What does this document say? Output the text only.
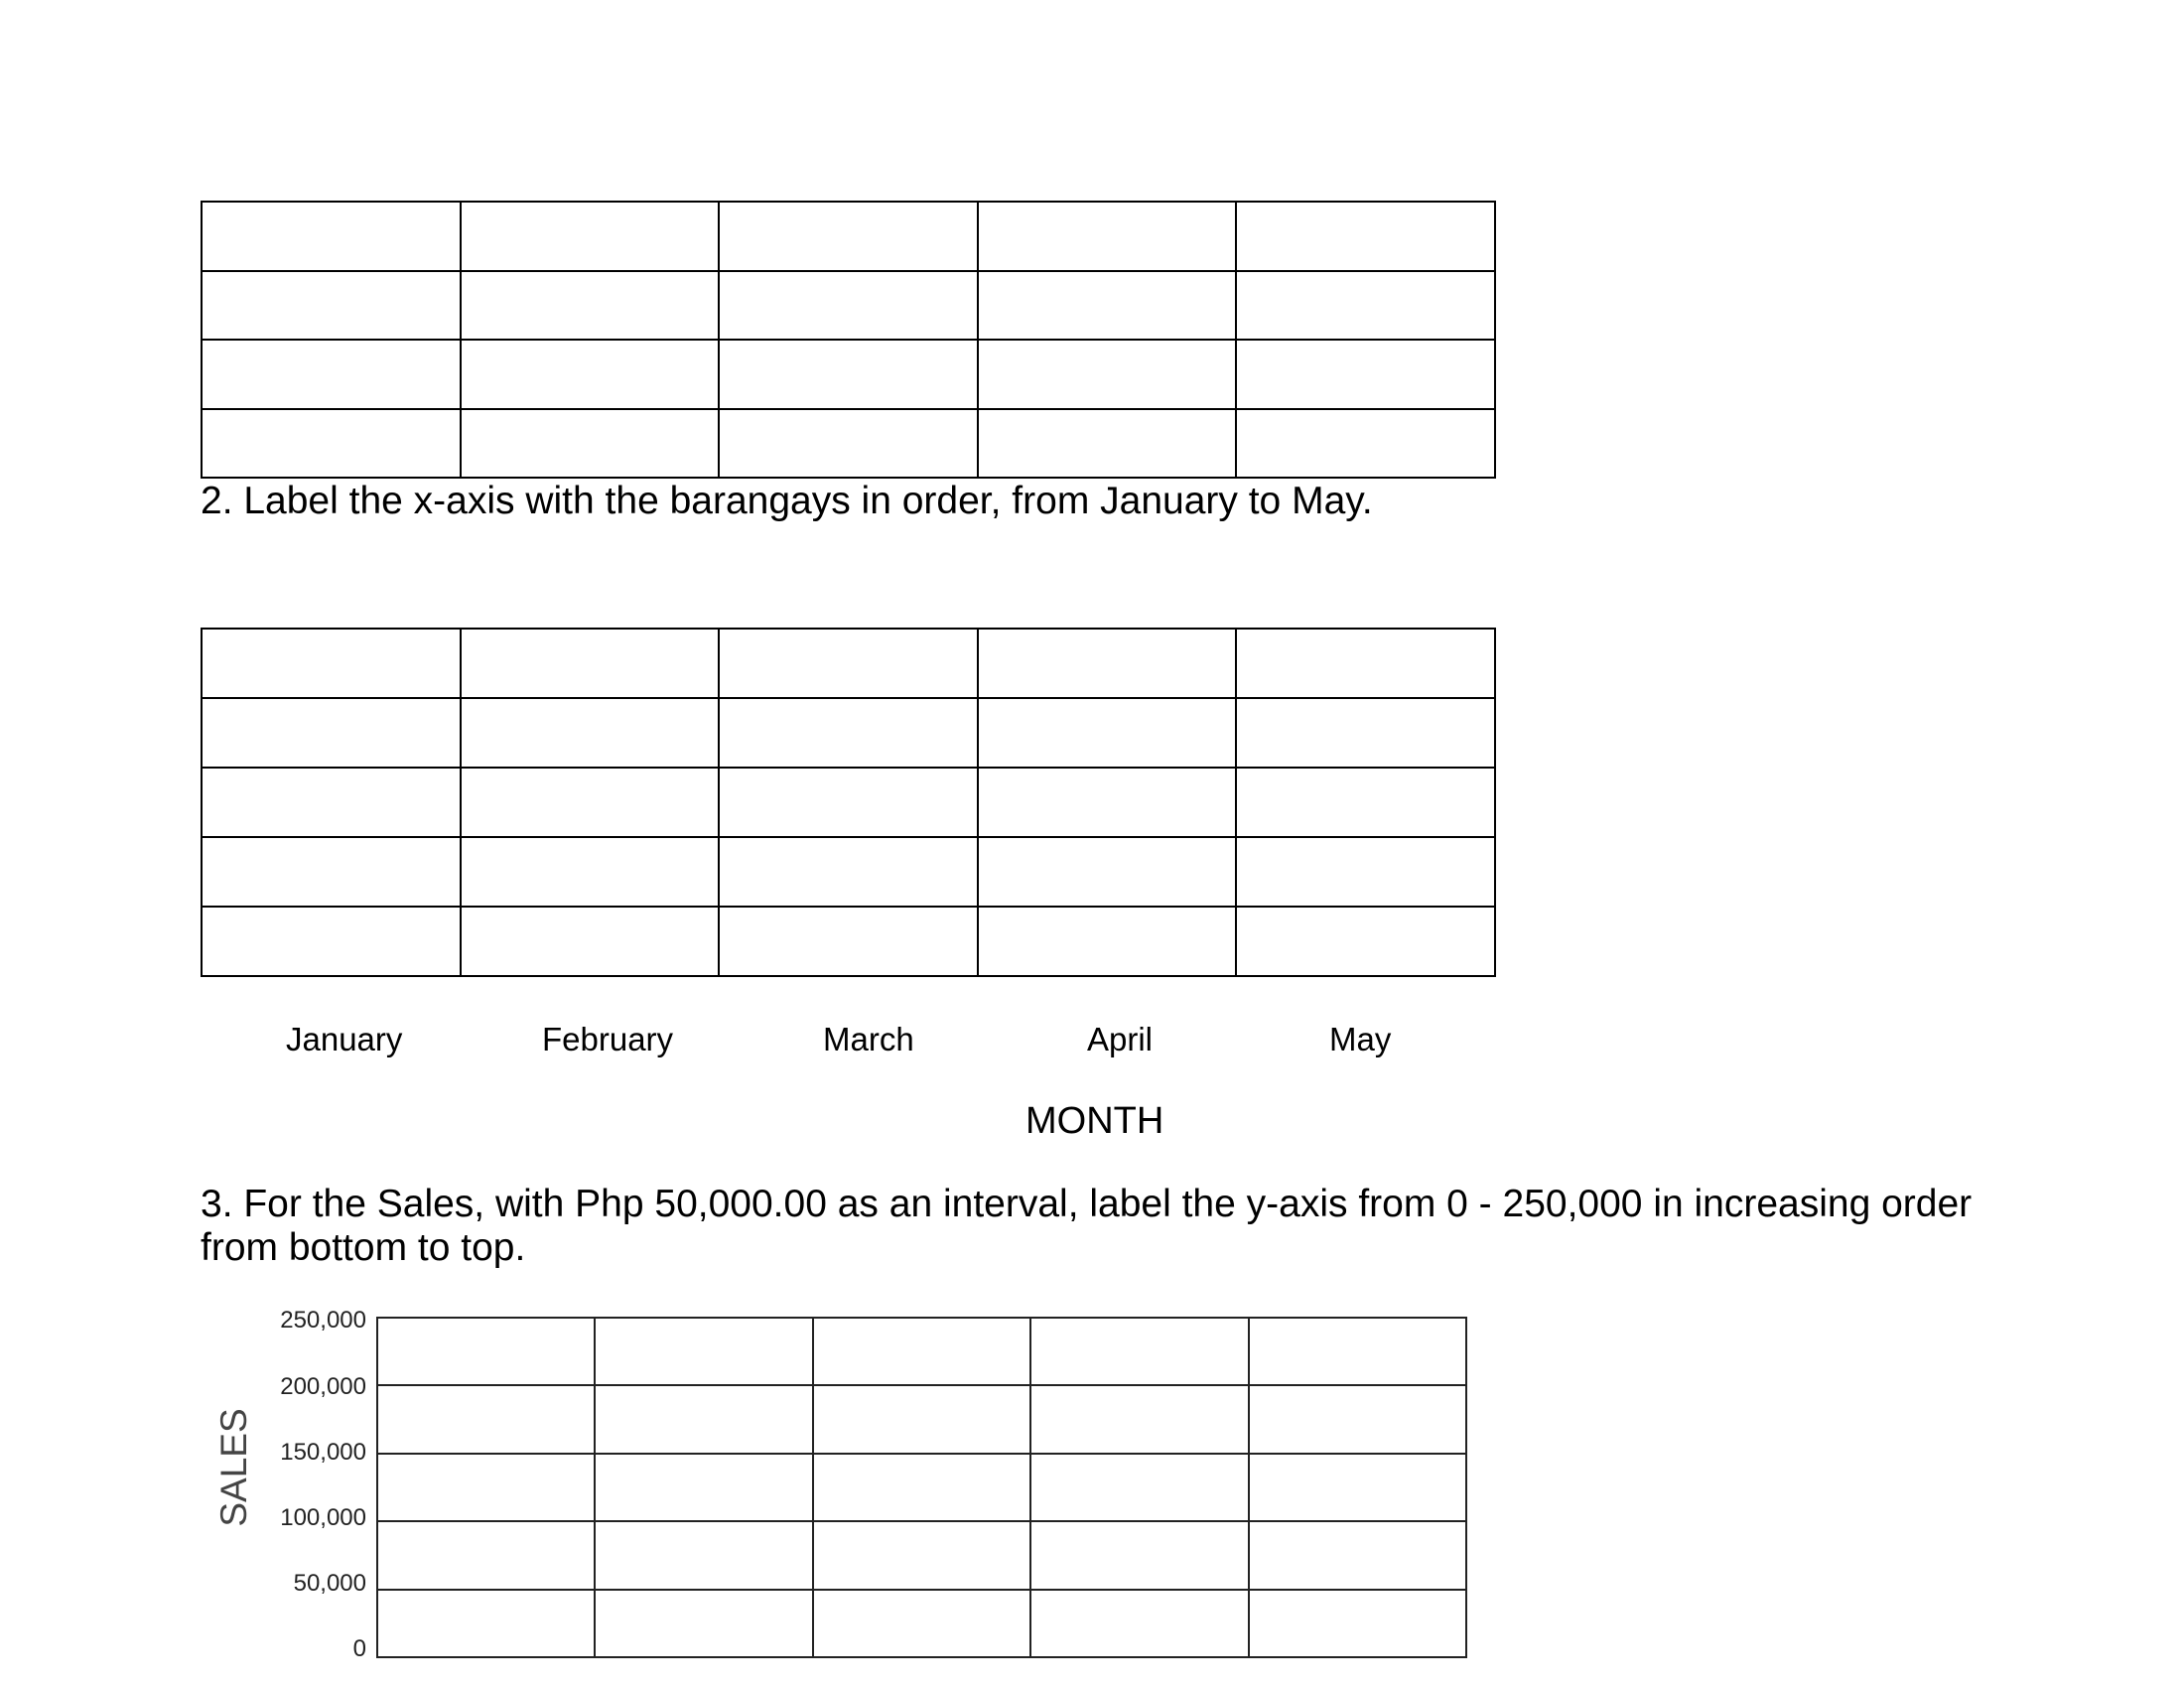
2. Label the x-axis with the barangays in order, from January to May.

January	February	March	April	May
MONTH

3. For the Sales, with Php 50,000.00 as an interval, label the y-axis from 0 - 250,000 in increasing order from bottom to top.

SALES
250,000
200,000
150,000
100,000
50,000
0
